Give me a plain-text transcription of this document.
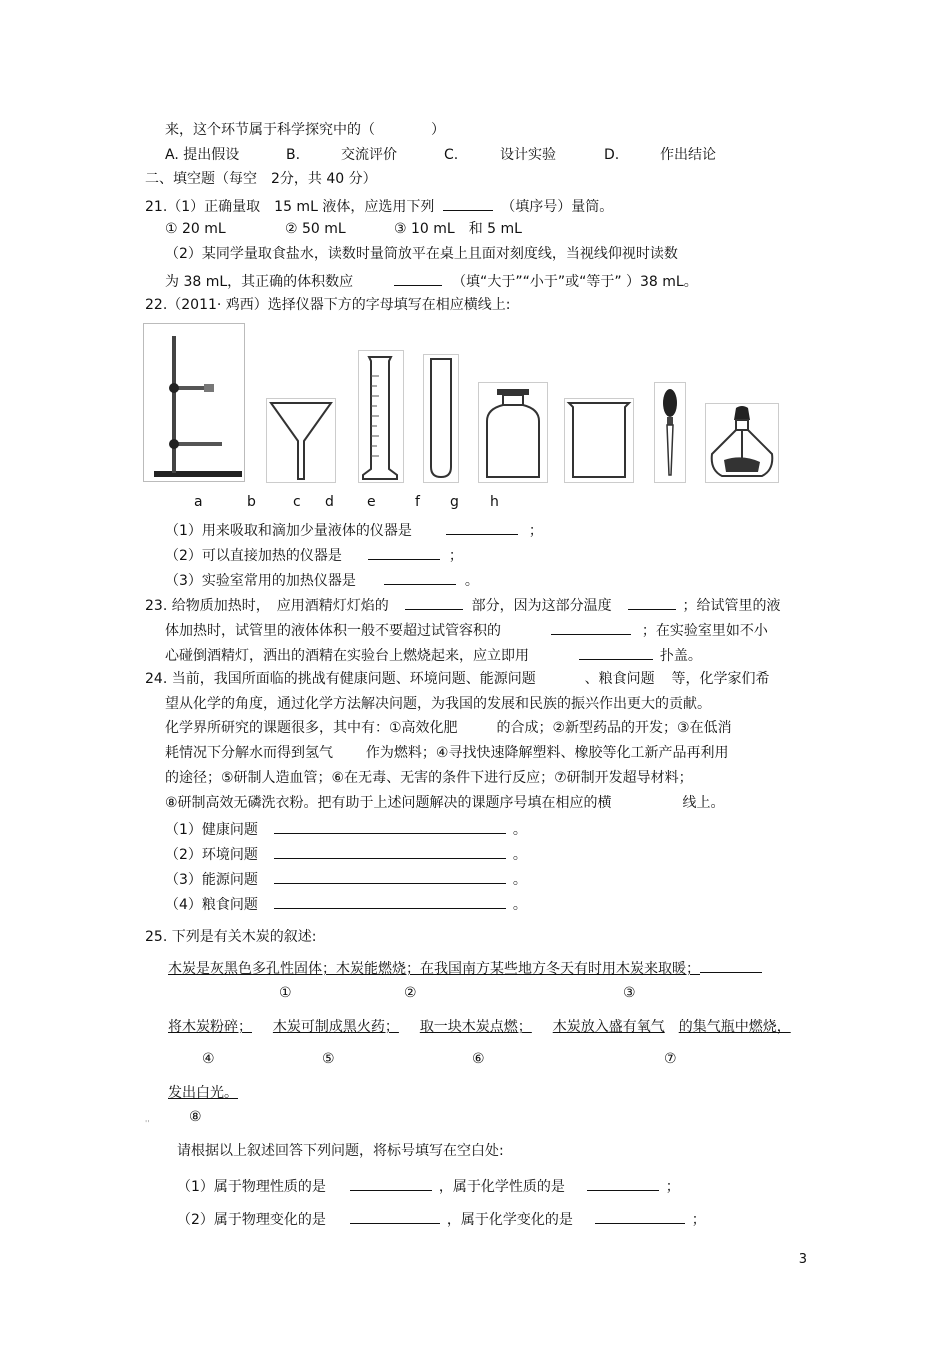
来，这个环节属于科学探究中的（　　　　）
A. 提出假设	B.	交流评价	C.	设计实验	D.	作出结论
二、填空题（每空　2分，共 40 分）
21.（1）正确量取　15 mL 液体，应选用下列	（填序号）量筒。
① 20 mL	② 50 mL	③ 10 mL　和 5 mL
（2）某同学量取食盐水，读数时量筒放平在桌上且面对刻度线，当视线仰视时读数
为 38 mL，其正确的体积数应	（填“大于”“小于”或“等于” ）38 mL。
22.（2011· 鸡西）选择仪器下方的字母填写在相应横线上:
a	b	c d e	f g h
（1）用来吸取和滴加少量液体的仪器是	；
（2）可以直接加热的仪器是	；
（3）实验室常用的加热仪器是	。
23. 给物质加热时，　应用酒精灯灯焰的	部分，因为这部分温度	；给试管里的液
体加热时，试管里的液体体积一般不要超过试管容积的	；在实验室里如不小
心碰倒酒精灯，洒出的酒精在实验台上燃烧起来，应立即用	扑盖。
24. 当前，我国所面临的挑战有健康问题、环境问题、能源问题	、粮食问题 等，化学家们希
望从化学的角度，通过化学方法解决问题，为我国的发展和民族的振兴作出更大的贡献。
化学界所研究的课题很多，其中有：①高效化肥	的合成；②新型药品的开发；③在低消
耗情况下分解水而得到氢气 作为燃料；④寻找快速降解塑料、橡胶等化工新产品再利用
的途径；⑤研制人造血管；⑥在无毒、无害的条件下进行反应；⑦研制开发超导材料；
⑧研制高效无磷洗衣粉。把有助于上述问题解决的课题序号填在相应的横	线上。
（1）健康问题	。
（2）环境问题	。
（3）能源问题	。
（4）粮食问题	。
25. 下列是有关木炭的叙述:
木炭是灰黑色多孔性固体；木炭能燃烧；在我国南方某些地方冬天有时用木炭来取暖；
①	②	③
将木炭粉碎； 木炭可制成黑火药； 取一块木炭点燃； 木炭放入盛有氧气 的集气瓶中燃烧，
④	⑤	⑥	⑦
发出白光。
⑧
''
请根据以上叙述回答下列问题，将标号填写在空白处:
（1）属于物理性质的是	，属于化学性质的是	；
（2）属于物理变化的是	，属于化学变化的是	；
3
